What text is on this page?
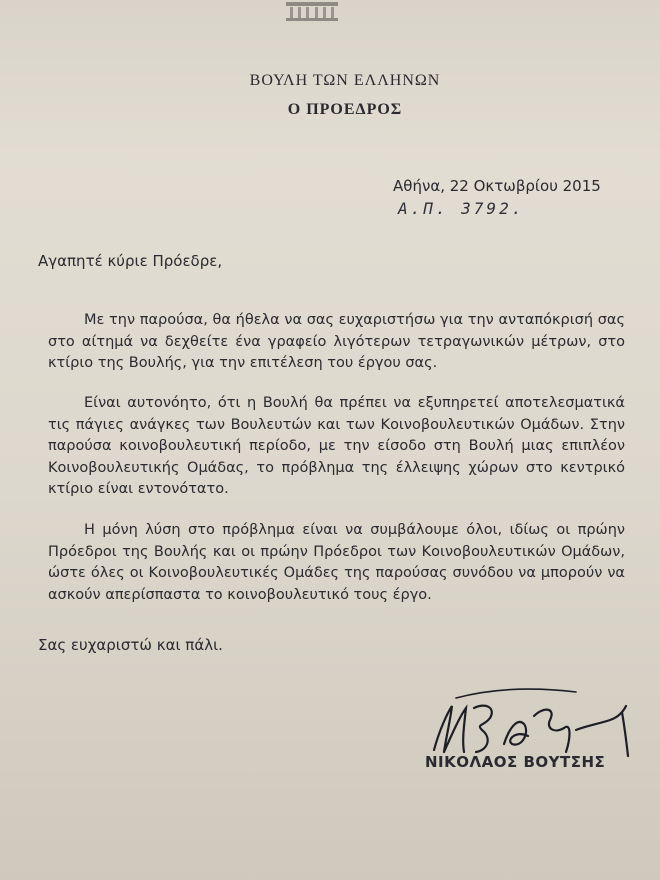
ΒΟΥΛΗ ΤΩΝ ΕΛΛΗΝΩΝ
Ο ΠΡΟΕΔΡΟΣ
Αθήνα, 22 Οκτωβρίου 2015
Α.Π. 3792.
Αγαπητέ κύριε Πρόεδρε,
Με την παρούσα, θα ήθελα να σας ευχαριστήσω για την ανταπόκρισή σας στο αίτημά να δεχθείτε ένα γραφείο λιγότερων τετραγωνικών μέτρων, στο κτίριο της Βουλής, για την επιτέλεση του έργου σας.
Είναι αυτονόητο, ότι η Βουλή θα πρέπει να εξυπηρετεί αποτελεσματικά τις πάγιες ανάγκες των Βουλευτών και των Κοινοβουλευτικών Ομάδων. Στην παρούσα κοινοβουλευτική περίοδο, με την είσοδο στη Βουλή μιας επιπλέον Κοινοβουλευτικής Ομάδας, το πρόβλημα της έλλειψης χώρων στο κεντρικό κτίριο είναι εντονότατο.
Η μόνη λύση στο πρόβλημα είναι να συμβάλουμε όλοι, ιδίως οι πρώην Πρόεδροι της Βουλής και οι πρώην Πρόεδροι των Κοινοβουλευτικών Ομάδων, ώστε όλες οι Κοινοβουλευτικές Ομάδες της παρούσας συνόδου να μπορούν να ασκούν απερίσπαστα το κοινοβουλευτικό τους έργο.
Σας ευχαριστώ και πάλι.
ΝΙΚΟΛΑΟΣ ΒΟΥΤΣΗΣ
